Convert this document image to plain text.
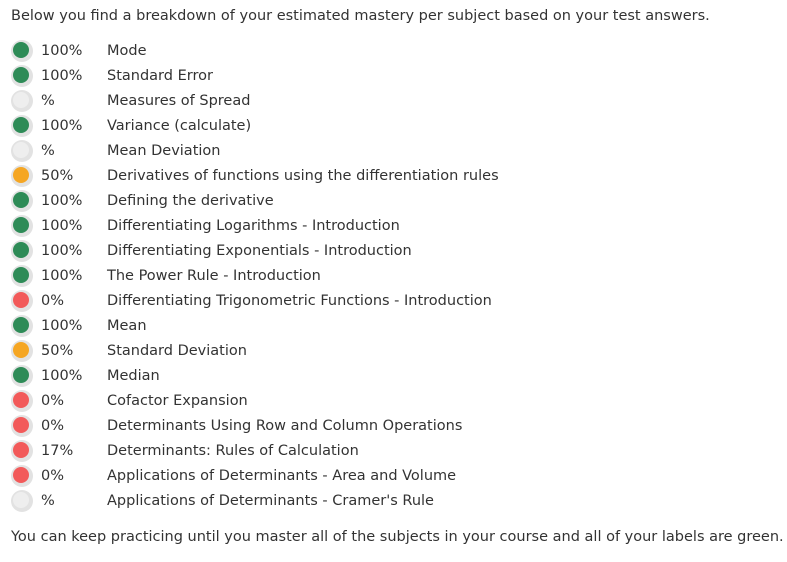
Below you find a breakdown of your estimated mastery per subject based on your test answers.
100%	Mode
100%	Standard Error
%	Measures of Spread
100%	Variance (calculate)
%	Mean Deviation
50%	Derivatives of functions using the differentiation rules
100%	Defining the derivative
100%	Differentiating Logarithms - Introduction
100%	Differentiating Exponentials - Introduction
100%	The Power Rule - Introduction
0%	Differentiating Trigonometric Functions - Introduction
100%	Mean
50%	Standard Deviation
100%	Median
0%	Cofactor Expansion
0%	Determinants Using Row and Column Operations
17%	Determinants: Rules of Calculation
0%	Applications of Determinants - Area and Volume
%	Applications of Determinants - Cramer's Rule
You can keep practicing until you master all of the subjects in your course and all of your labels are green.
